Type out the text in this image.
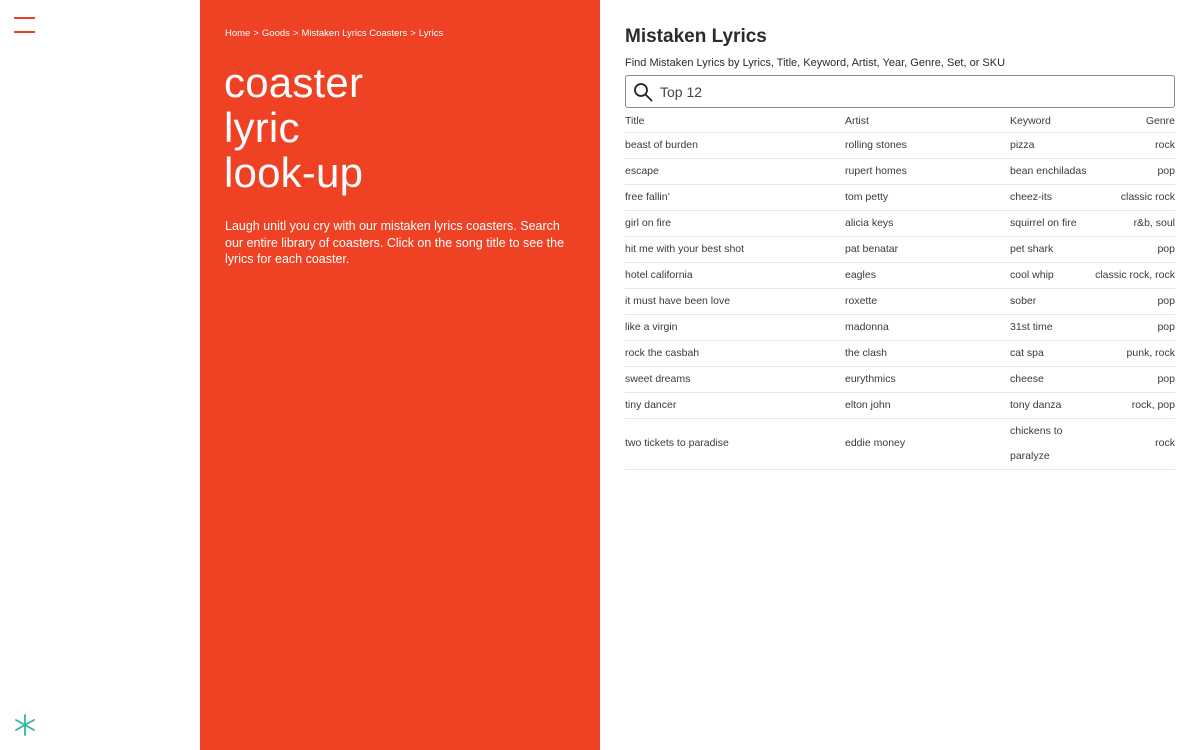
Home > Goods > Mistaken Lyrics Coasters > Lyrics
coaster
lyric
look-up

Laugh unitl you cry with our mistaken lyrics coasters. Search our entire library of coasters. Click on the song title to see the lyrics for each coaster.

Mistaken Lyrics

Find Mistaken Lyrics by Lyrics, Title, Keyword, Artist, Year, Genre, Set, or SKU

Top 12
Title	Artist	Keyword	Genre
beast of burden	rolling stones	pizza	rock
escape	rupert homes	bean enchiladas	pop
free fallin’	tom petty	cheez-its	classic rock
girl on fire	alicia keys	squirrel on fire	r&b, soul
hit me with your best shot	pat benatar	pet shark	pop
hotel california	eagles	cool whip	classic rock, rock
it must have been love	roxette	sober	pop
like a virgin	madonna	31st time	pop
rock the casbah	the clash	cat spa	punk, rock
sweet dreams	eurythmics	cheese	pop
tiny dancer	elton john	tony danza	rock, pop
two tickets to paradise	eddie money	chickens to paralyze	rock
